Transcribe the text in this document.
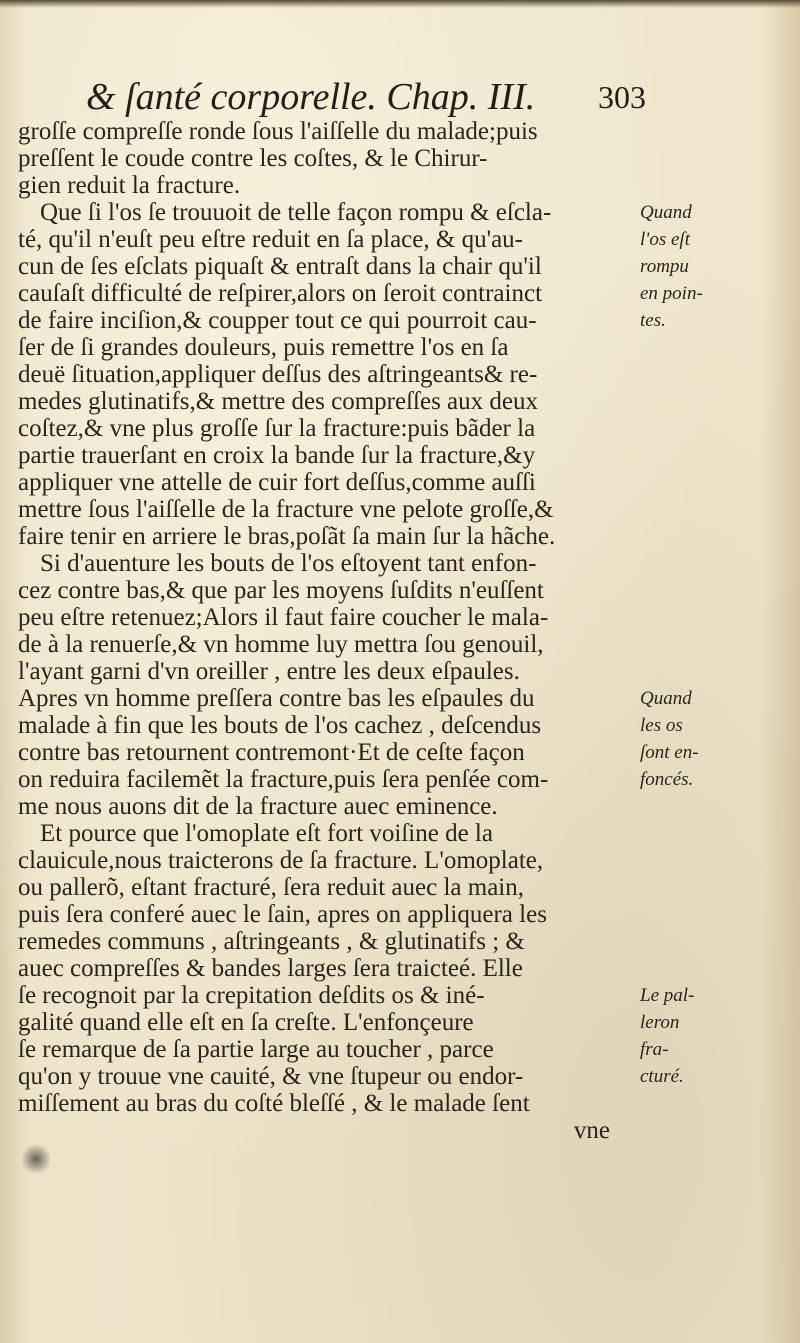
& ſanté corporelle. Chap. III.	303
groſſe compreſſe ronde ſous l'aiſſelle du malade;puis
preſſent le coude contre les coſtes, & le Chirur-
gien reduit la fracture.
Que ſi l'os ſe trouuoit de telle façon rompu & eſcla-
té, qu'il n'euſt peu eſtre reduit en ſa place, & qu'au-
cun de ſes eſclats piquaſt & entraſt dans la chair qu'il
cauſaſt difficulté de reſpirer,alors on ſeroit contrainct
de faire inciſion,& coupper tout ce qui pourroit cau-
ſer de ſi grandes douleurs, puis remettre l'os en ſa
deuë ſituation,appliquer deſſus des aſtringeants& re-
medes glutinatifs,& mettre des compreſſes aux deux
coſtez,& vne plus groſſe ſur la fracture:puis bãder la
partie trauerſant en croix la bande ſur la fracture,&y
appliquer vne attelle de cuir fort deſſus,comme auſſi
mettre ſous l'aiſſelle de la fracture vne pelote groſſe,&
faire tenir en arriere le bras,poſãt ſa main ſur la hãche.
Si d'auenture les bouts de l'os eſtoyent tant enfon-
cez contre bas,& que par les moyens ſuſdits n'euſſent
peu eſtre retenuez;Alors il faut faire coucher le mala-
de à la renuerſe,& vn homme luy mettra ſou genouil,
l'ayant garni d'vn oreiller , entre les deux eſpaules.
Apres vn homme preſſera contre bas les eſpaules du
malade à fin que les bouts de l'os cachez , deſcendus
contre bas retournent contremont·Et de ceſte façon
on reduira facilemẽt la fracture,puis ſera penſée com-
me nous auons dit de la fracture auec eminence.
Et pource que l'omoplate eſt fort voiſine de la
clauicule,nous traicterons de ſa fracture. L'omoplate,
ou pallerõ, eſtant fracturé, ſera reduit auec la main,
puis ſera conferé auec le ſain, apres on appliquera les
remedes communs , aſtringeants , & glutinatifs ; &
auec compreſſes & bandes larges ſera traicteé. Elle
ſe recognoit par la crepitation deſdits os & iné-
galité quand elle eſt en ſa creſte. L'enfonçeure
ſe remarque de ſa partie large au toucher , parce
qu'on y trouue vne cauité, & vne ſtupeur ou endor-
miſſement au bras du coſté bleſſé , & le malade ſent
vne
Quand
l'os eſt
rompu
en poin-
tes.
Quand
les os
ſont en-
foncés.
Le pal-
leron
fra-
cturé.
